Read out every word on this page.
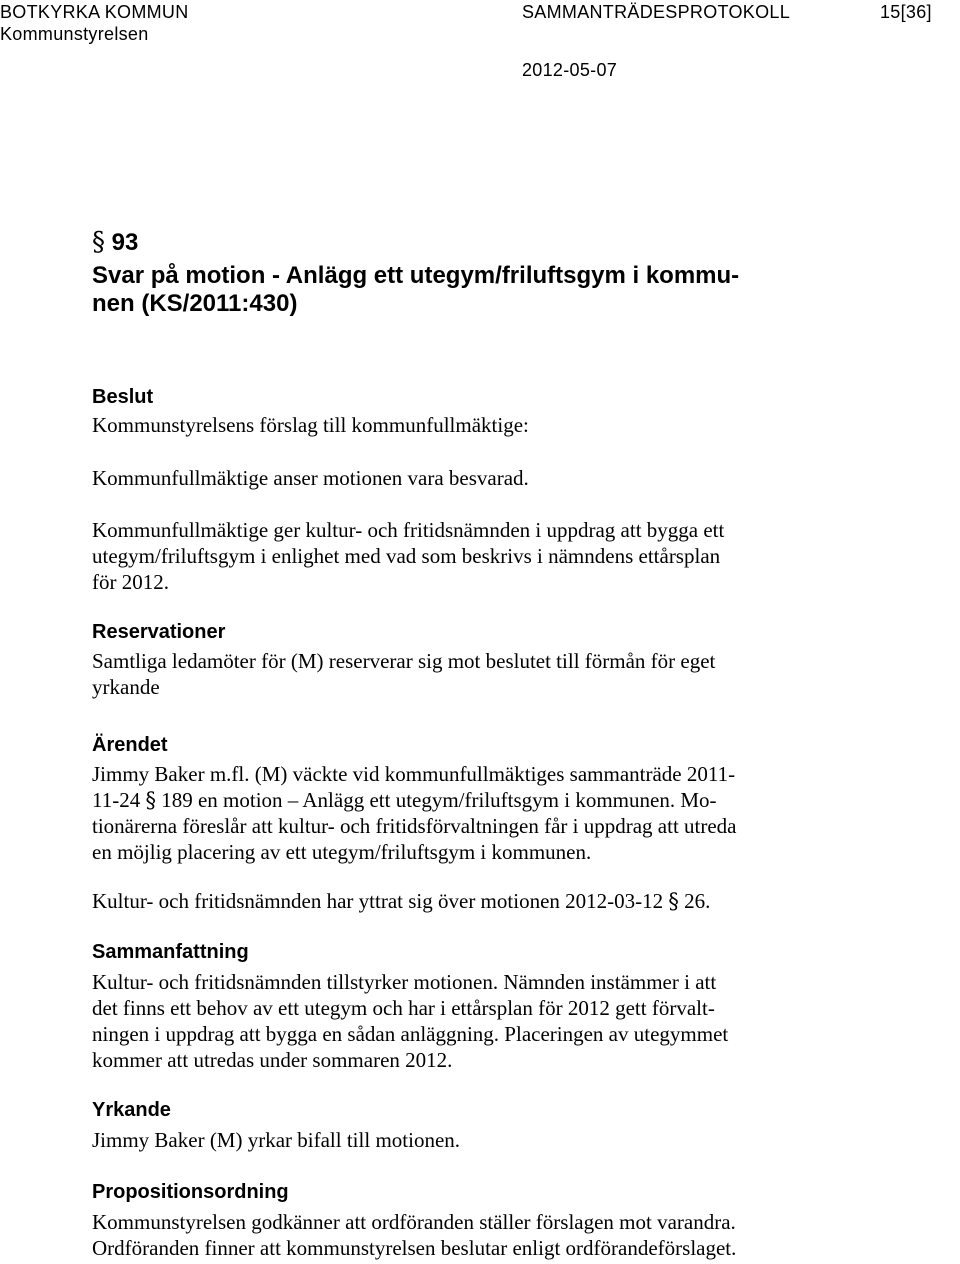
BOTKYRKA KOMMUN	SAMMANTRÄDESPROTOKOLL	15[36]
Kommunstyrelsen
2012-05-07
§ 93
Svar på motion - Anlägg ett utegym/friluftsgym i kommu-
nen (KS/2011:430)
Beslut
Kommunstyrelsens förslag till kommunfullmäktige:
Kommunfullmäktige anser motionen vara besvarad.
Kommunfullmäktige ger kultur- och fritidsnämnden i uppdrag att bygga ett
utegym/friluftsgym i enlighet med vad som beskrivs i nämndens ettårsplan
för 2012.
Reservationer
Samtliga ledamöter för (M) reserverar sig mot beslutet till förmån för eget
yrkande
Ärendet
Jimmy Baker m.fl. (M) väckte vid kommunfullmäktiges sammanträde 2011-
11-24 § 189 en motion – Anlägg ett utegym/friluftsgym i kommunen. Mo-
tionärerna föreslår att kultur- och fritidsförvaltningen får i uppdrag att utreda
en möjlig placering av ett utegym/friluftsgym i kommunen.
Kultur- och fritidsnämnden har yttrat sig över motionen 2012-03-12 § 26.
Sammanfattning
Kultur- och fritidsnämnden tillstyrker motionen. Nämnden instämmer i att
det finns ett behov av ett utegym och har i ettårsplan för 2012 gett förvalt-
ningen i uppdrag att bygga en sådan anläggning. Placeringen av utegymmet
kommer att utredas under sommaren 2012.
Yrkande
Jimmy Baker (M) yrkar bifall till motionen.
Propositionsordning
Kommunstyrelsen godkänner att ordföranden ställer förslagen mot varandra.
Ordföranden finner att kommunstyrelsen beslutar enligt ordförandeförslaget.
